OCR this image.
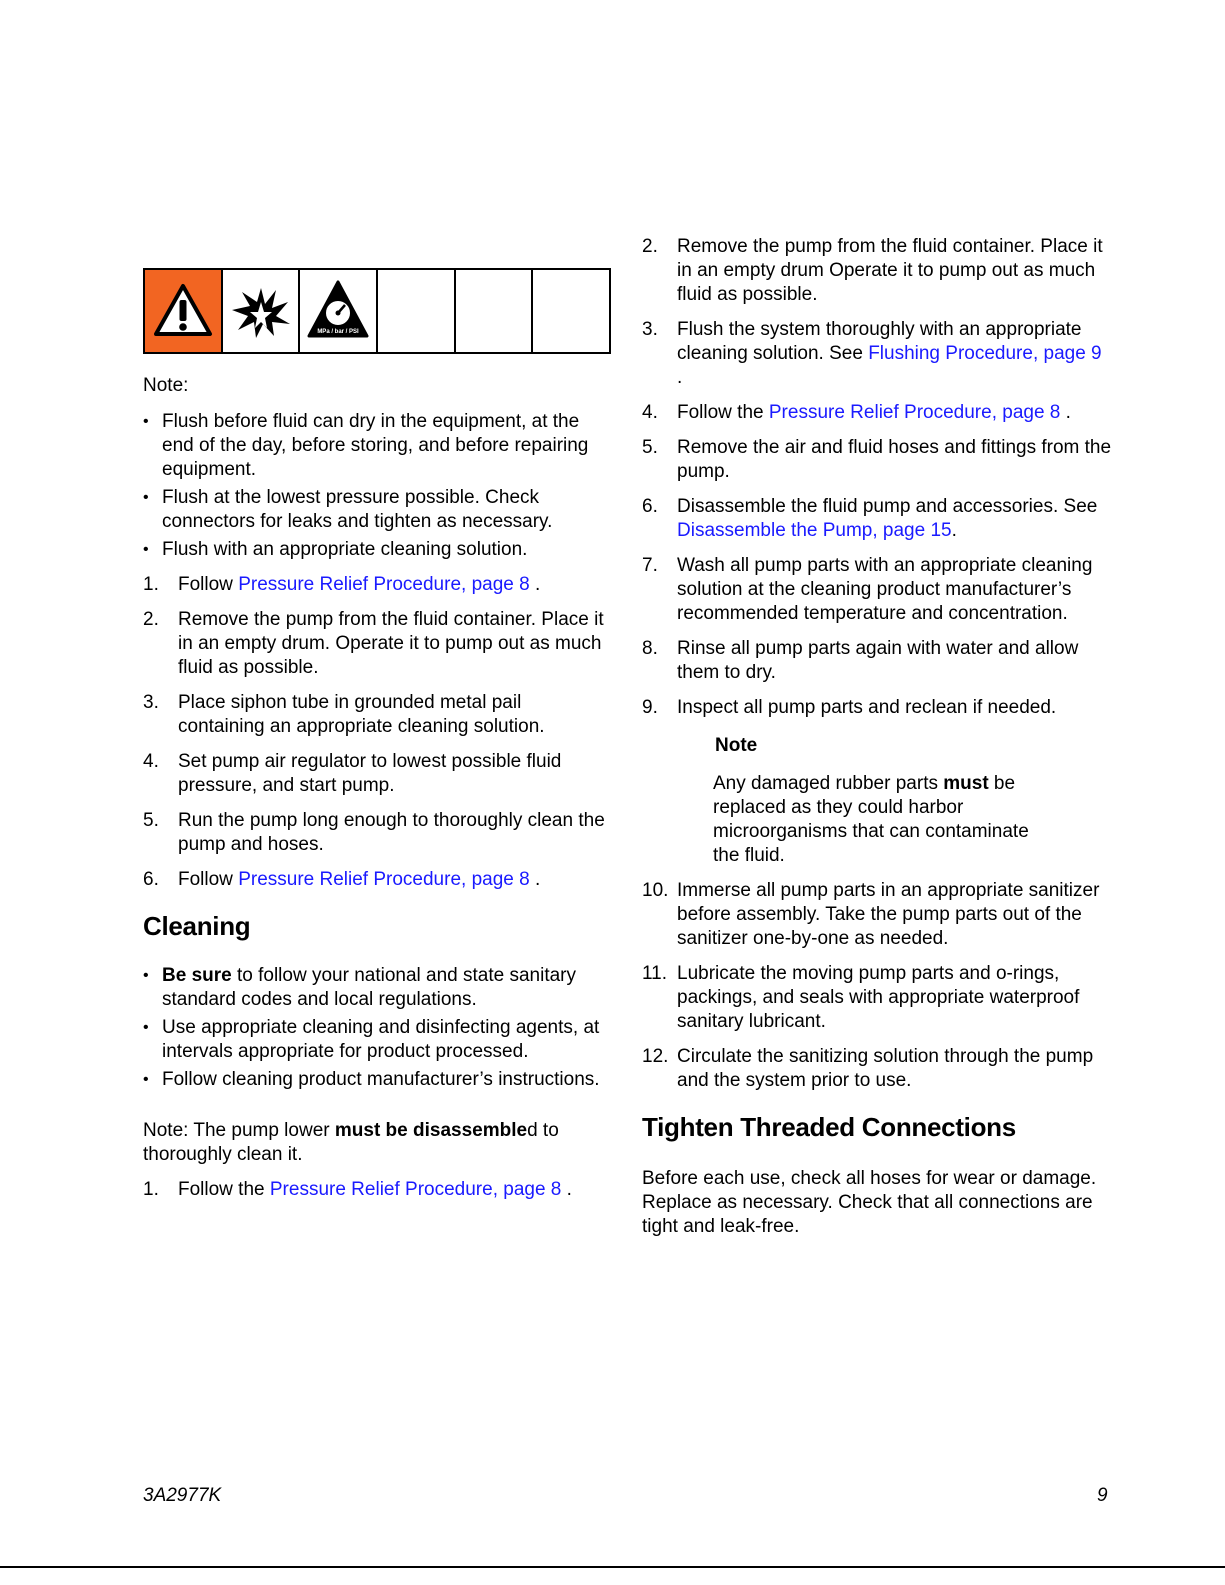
MPa / bar / PSI
Note:
• Flush before fluid can dry in the equipment, at the end of the day, before storing, and before repairing equipment.
• Flush at the lowest pressure possible. Check connectors for leaks and tighten as necessary.
• Flush with an appropriate cleaning solution.
1. Follow Pressure Relief Procedure, page 8 .
2. Remove the pump from the fluid container. Place it in an empty drum. Operate it to pump out as much fluid as possible.
3. Place siphon tube in grounded metal pail containing an appropriate cleaning solution.
4. Set pump air regulator to lowest possible fluid pressure, and start pump.
5. Run the pump long enough to thoroughly clean the pump and hoses.
6. Follow Pressure Relief Procedure, page 8 .
Cleaning
• Be sure to follow your national and state sanitary standard codes and local regulations.
• Use appropriate cleaning and disinfecting agents, at intervals appropriate for product processed.
• Follow cleaning product manufacturer’s instructions.
Note: The pump lower must be disassembled to thoroughly clean it.
1. Follow the Pressure Relief Procedure, page 8 .
2. Remove the pump from the fluid container. Place it in an empty drum Operate it to pump out as much fluid as possible.
3. Flush the system thoroughly with an appropriate cleaning solution. See Flushing Procedure, page 9 .
4. Follow the Pressure Relief Procedure, page 8 .
5. Remove the air and fluid hoses and fittings from the pump.
6. Disassemble the fluid pump and accessories. See Disassemble the Pump, page 15.
7. Wash all pump parts with an appropriate cleaning solution at the cleaning product manufacturer’s recommended temperature and concentration.
8. Rinse all pump parts again with water and allow them to dry.
9. Inspect all pump parts and reclean if needed.
Note
Any damaged rubber parts must be replaced as they could harbor microorganisms that can contaminate the fluid.
10. Immerse all pump parts in an appropriate sanitizer before assembly. Take the pump parts out of the sanitizer one-by-one as needed.
11. Lubricate the moving pump parts and o-rings, packings, and seals with appropriate waterproof sanitary lubricant.
12. Circulate the sanitizing solution through the pump and the system prior to use.
Tighten Threaded Connections
Before each use, check all hoses for wear or damage. Replace as necessary. Check that all connections are tight and leak-free.
3A2977K	9
